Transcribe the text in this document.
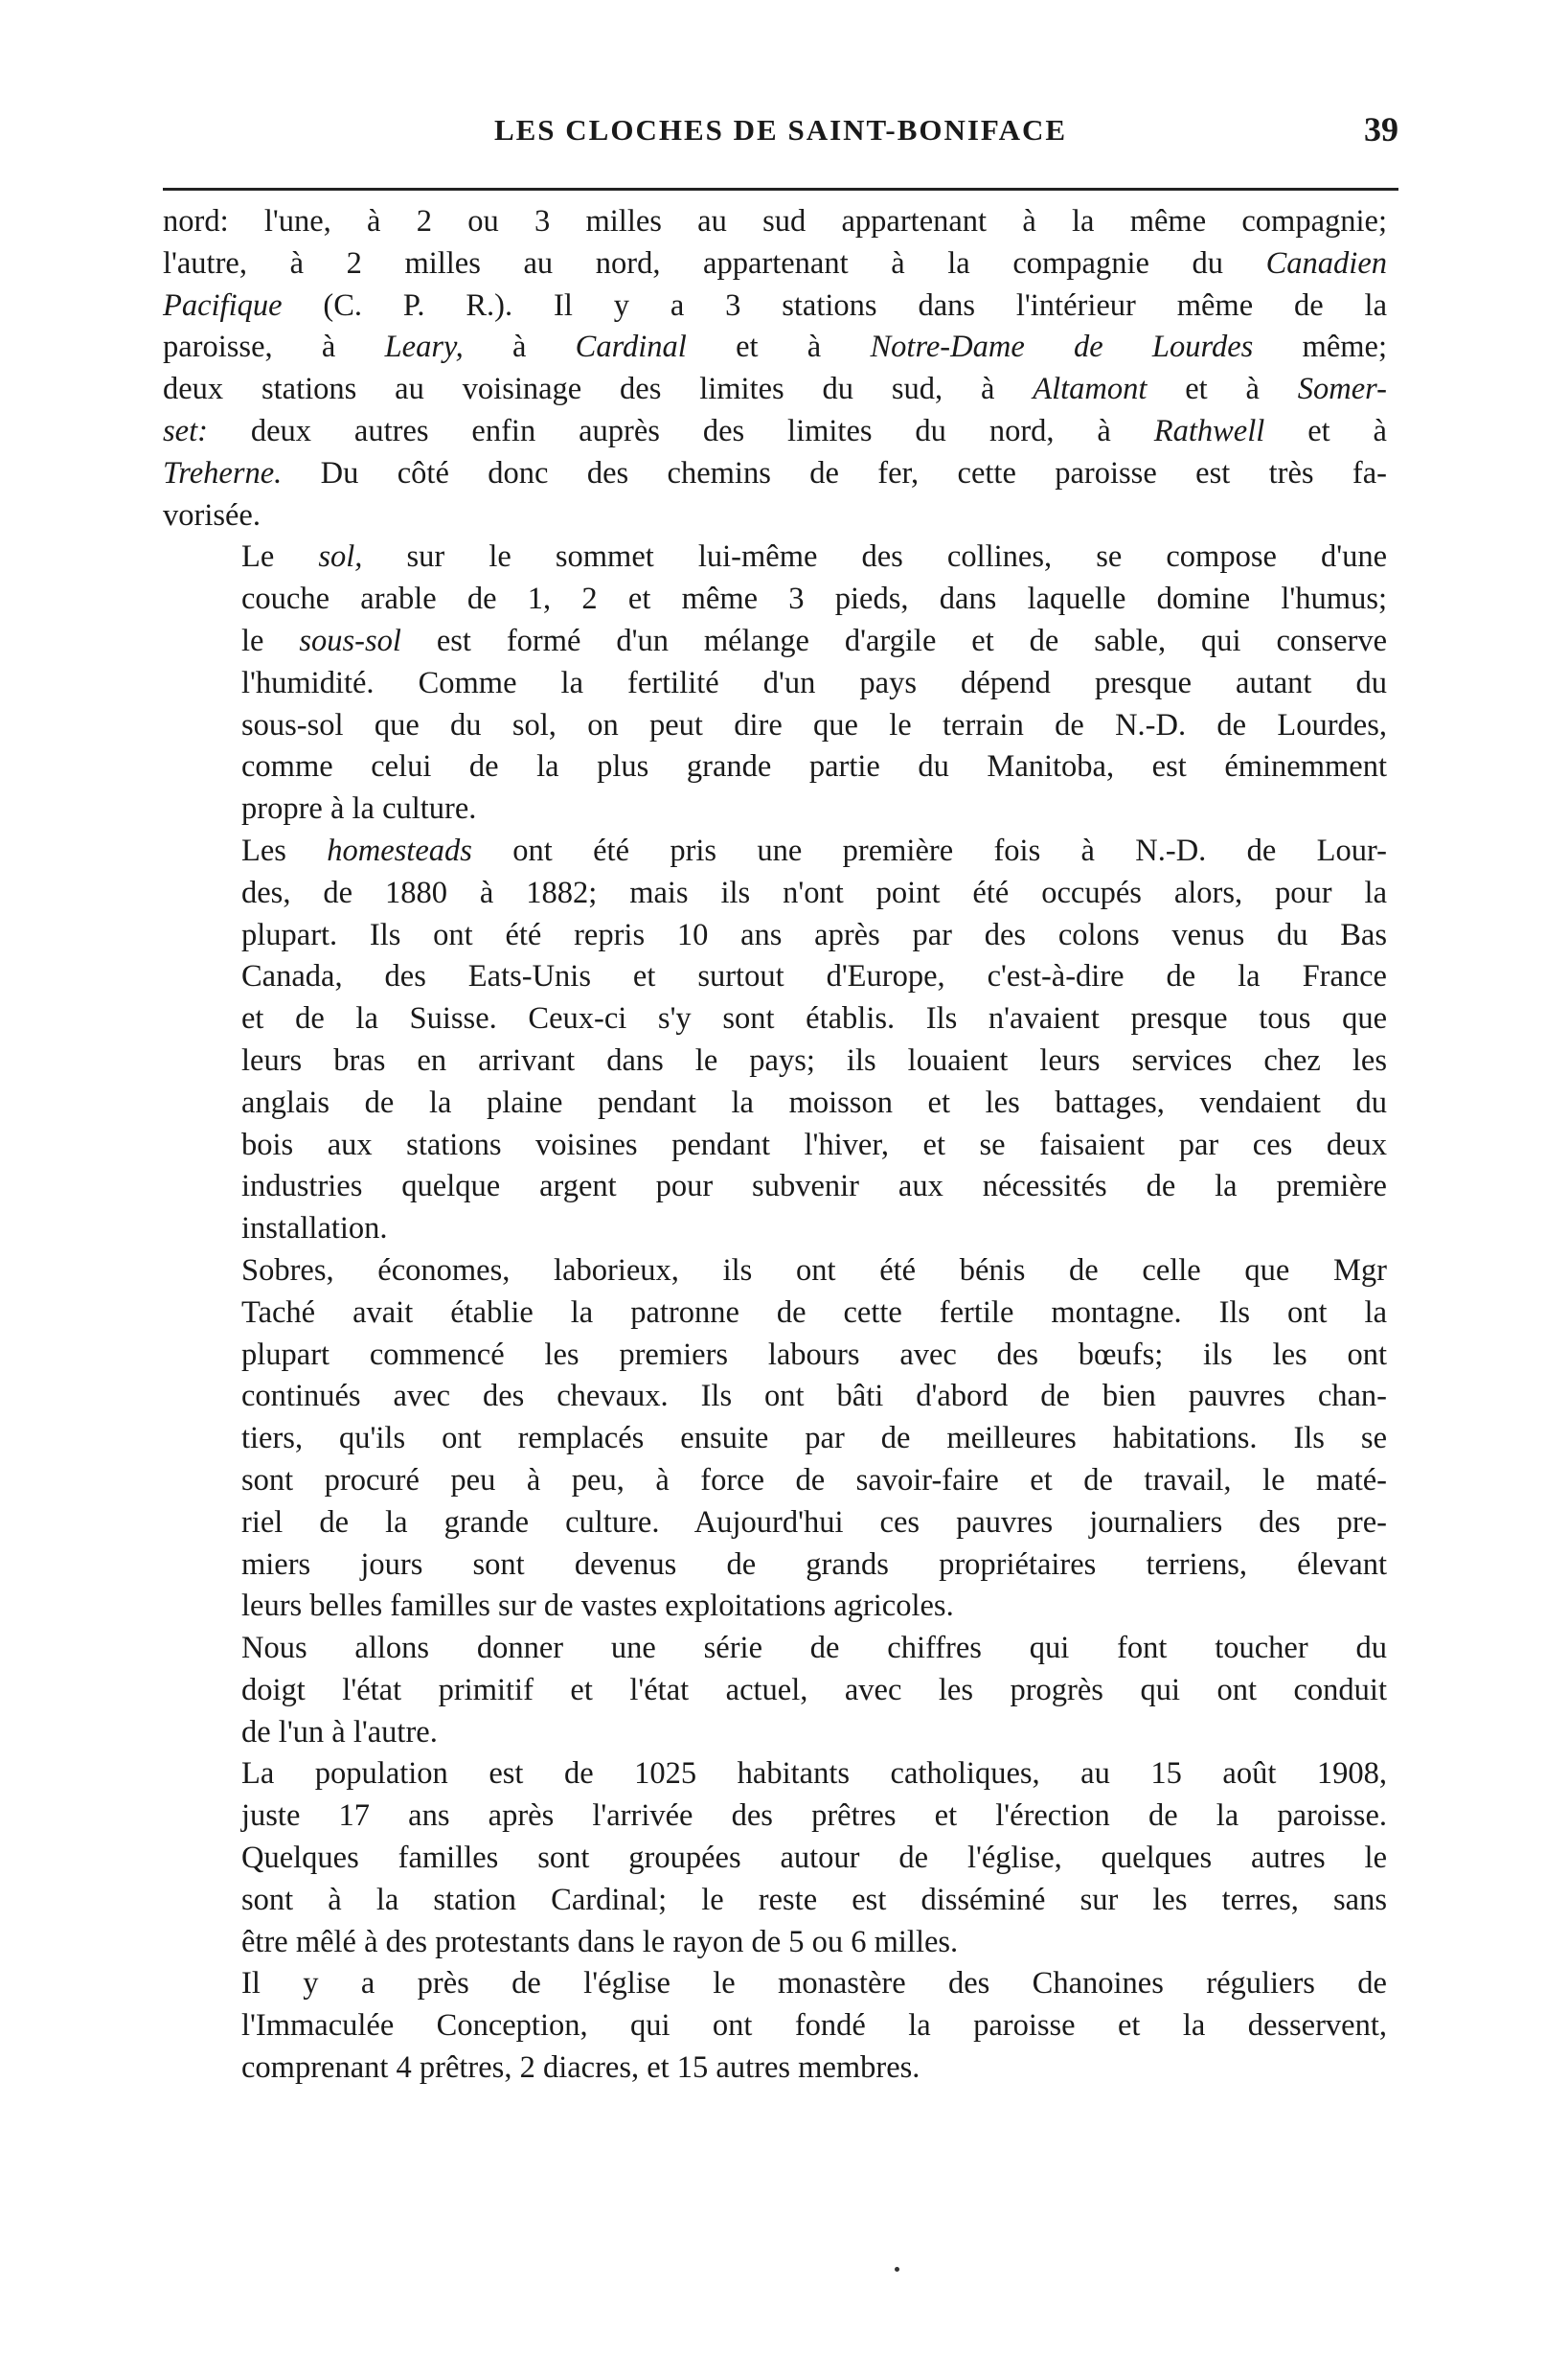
LES CLOCHES DE SAINT-BONIFACE	39
nord: l'une, à 2 ou 3 milles au sud appartenant à la même compagnie;
l'autre, à 2 milles au nord, appartenant à la compagnie du Canadien
Pacifique (C. P. R.). Il y a 3 stations dans l'intérieur même de la
paroisse, à Leary, à Cardinal et à Notre-Dame de Lourdes même;
deux stations au voisinage des limites du sud, à Altamont et à Somer-
set: deux autres enfin auprès des limites du nord, à Rathwell et à
Treherne. Du côté donc des chemins de fer, cette paroisse est très fa-
vorisée.
Le sol, sur le sommet lui-même des collines, se compose d'une
couche arable de 1, 2 et même 3 pieds, dans laquelle domine l'humus;
le sous-sol est formé d'un mélange d'argile et de sable, qui conserve
l'humidité. Comme la fertilité d'un pays dépend presque autant du
sous-sol que du sol, on peut dire que le terrain de N.-D. de Lourdes,
comme celui de la plus grande partie du Manitoba, est éminemment
propre à la culture.
Les homesteads ont été pris une première fois à N.-D. de Lour-
des, de 1880 à 1882; mais ils n'ont point été occupés alors, pour la
plupart. Ils ont été repris 10 ans après par des colons venus du Bas
Canada, des Eats-Unis et surtout d'Europe, c'est-à-dire de la France
et de la Suisse. Ceux-ci s'y sont établis. Ils n'avaient presque tous que
leurs bras en arrivant dans le pays; ils louaient leurs services chez les
anglais de la plaine pendant la moisson et les battages, vendaient du
bois aux stations voisines pendant l'hiver, et se faisaient par ces deux
industries quelque argent pour subvenir aux nécessités de la première
installation.
Sobres, économes, laborieux, ils ont été bénis de celle que Mgr
Taché avait établie la patronne de cette fertile montagne. Ils ont la
plupart commencé les premiers labours avec des bœufs; ils les ont
continués avec des chevaux. Ils ont bâti d'abord de bien pauvres chan-
tiers, qu'ils ont remplacés ensuite par de meilleures habitations. Ils se
sont procuré peu à peu, à force de savoir-faire et de travail, le maté-
riel de la grande culture. Aujourd'hui ces pauvres journaliers des pre-
miers jours sont devenus de grands propriétaires terriens, élevant
leurs belles familles sur de vastes exploitations agricoles.
Nous allons donner une série de chiffres qui font toucher du
doigt l'état primitif et l'état actuel, avec les progrès qui ont conduit
de l'un à l'autre.
La population est de 1025 habitants catholiques, au 15 août 1908,
juste 17 ans après l'arrivée des prêtres et l'érection de la paroisse.
Quelques familles sont groupées autour de l'église, quelques autres le
sont à la station Cardinal; le reste est disséminé sur les terres, sans
être mêlé à des protestants dans le rayon de 5 ou 6 milles.
Il y a près de l'église le monastère des Chanoines réguliers de
l'Immaculée Conception, qui ont fondé la paroisse et la desservent,
comprenant 4 prêtres, 2 diacres, et 15 autres membres.
